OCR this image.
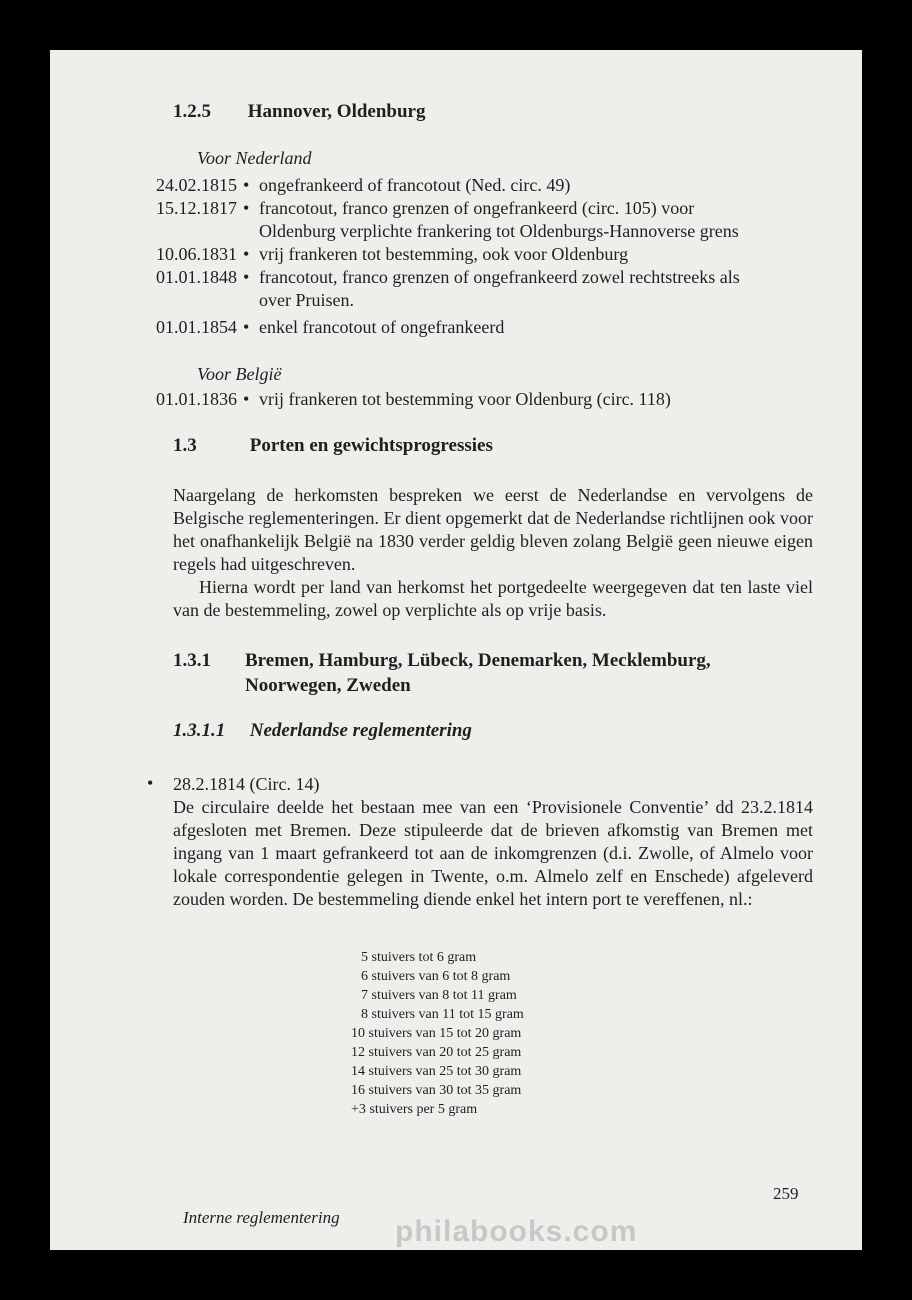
1.2.5 Hannover, Oldenburg
Voor Nederland
24.02.1815 • ongefrankeerd of francotout (Ned. circ. 49)
15.12.1817 • francotout, franco grenzen of ongefrankeerd (circ. 105) voor
Oldenburg verplichte frankering tot Oldenburgs-Hannoverse grens
10.06.1831 • vrij frankeren tot bestemming, ook voor Oldenburg
01.01.1848 • francotout, franco grenzen of ongefrankeerd zowel rechtstreeks als
over Pruisen.
01.01.1854 • enkel francotout of ongefrankeerd
Voor België
01.01.1836 • vrij frankeren tot bestemming voor Oldenburg (circ. 118)
1.3	Porten en gewichtsprogressies

Naargelang de herkomsten bespreken we eerst de Nederlandse en vervolgens de Belgische reglementeringen. Er dient opgemerkt dat de Nederlandse richtlijnen ook voor het onafhankelijk België na 1830 verder geldig bleven zolang België geen nieuwe eigen regels had uitgeschreven.

Hierna wordt per land van herkomst het portgedeelte weergegeven dat ten laste viel van de bestemmeling, zowel op verplichte als op vrije basis.

1.3.1 Bremen, Hamburg, Lübeck, Denemarken, Mecklemburg,
Noorwegen, Zweden
1.3.1.1 Nederlandse reglementering
• 28.2.1814 (Circ. 14)

De circulaire deelde het bestaan mee van een ‘Provisionele Conventie’ dd 23.2.1814 afgesloten met Bremen. Deze stipuleerde dat de brieven afkomstig van Bremen met ingang van 1 maart gefrankeerd tot aan de inkomgrenzen (d.i. Zwolle, of Almelo voor lokale correspondentie gelegen in Twente, o.m. Almelo zelf en Enschede) afgeleverd zouden worden. De bestemmeling diende enkel het intern port te vereffenen, nl.:

5 stuivers tot 6 gram
6 stuivers van 6 tot 8 gram
7 stuivers van 8 tot 11 gram
8 stuivers van 11 tot 15 gram
10 stuivers van 15 tot 20 gram
12 stuivers van 20 tot 25 gram
14 stuivers van 25 tot 30 gram
16 stuivers van 30 tot 35 gram
+3 stuivers per 5 gram
259
Interne reglementering philabooks.com
